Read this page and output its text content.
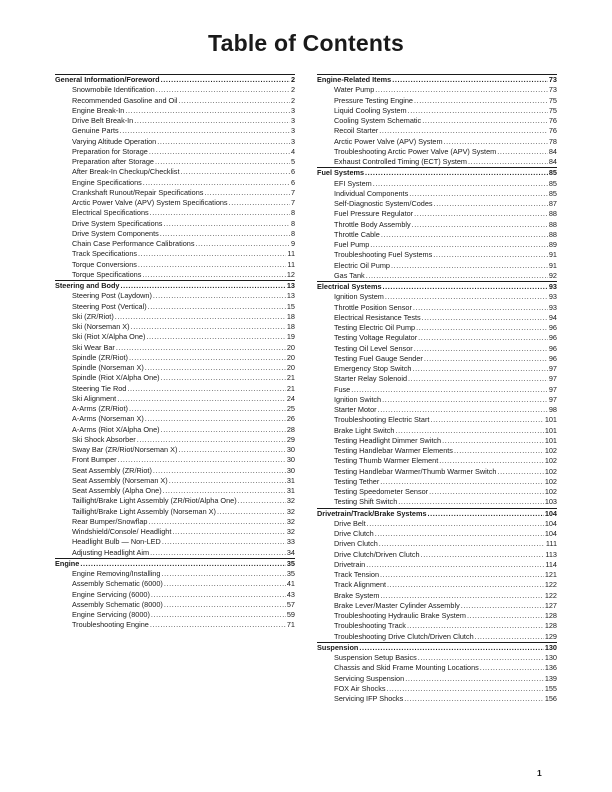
Table of Contents
General Information/Foreword .....	2
Snowmobile Identification .....	2
Recommended Gasoline and Oil .....	2
Engine Break-In .....	3
Drive Belt Break-In .....	3
Genuine Parts .....	3
Varying Altitude Operation .....	3
Preparation for Storage .....	4
Preparation after Storage .....	5
After Break-In Checkup/Checklist .....	6
Engine Specifications .....	6
Crankshaft Runout/Repair Specifications .....	7
Arctic Power Valve (APV) System Specifications .....	7
Electrical Specifications .....	8
Drive System Specifications .....	8
Drive System Components .....	8
Chain Case Performance Calibrations .....	9
Track Specifications .....	11
Torque Conversions .....	11
Torque Specifications .....	12
Steering and Body .....	13
Steering Post (Laydown) .....	13
Steering Post (Vertical) .....	15
Ski (ZR/Riot) .....	18
Ski (Norseman X) .....	18
Ski (Riot X/Alpha One) .....	19
Ski Wear Bar .....	20
Spindle (ZR/Riot) .....	20
Spindle (Norseman X) .....	20
Spindle (Riot X/Alpha One) .....	21
Steering Tie Rod .....	21
Ski Alignment .....	24
A-Arms (ZR/Riot) .....	25
A-Arms (Norseman X) .....	26
A-Arms (Riot X/Alpha One) .....	28
Ski Shock Absorber .....	29
Sway Bar (ZR/Riot/Norseman X) .....	30
Front Bumper .....	30
Seat Assembly (ZR/Riot) .....	30
Seat Assembly (Norseman X) .....	31
Seat Assembly (Alpha One) .....	31
Taillight/Brake Light Assembly (ZR/Riot/Alpha One) .....	32
Taillight/Brake Light Assembly (Norseman X) .....	32
Rear Bumper/Snowflap .....	32
Windshield/Console/ Headlight .....	32
Headlight Bulb — Non-LED .....	33
Adjusting Headlight Aim .....	34
Engine .....	35
Engine Removing/Installing .....	35
Assembly Schematic (6000) .....	41
Engine Servicing (6000) .....	43
Assembly Schematic (8000) .....	57
Engine Servicing (8000) .....	59
Troubleshooting Engine .....	71
Engine-Related Items .....	73
Water Pump .....	73
Pressure Testing Engine .....	75
Liquid Cooling System .....	75
Cooling System Schematic .....	76
Recoil Starter .....	76
Arctic Power Valve (APV) System .....	78
Troubleshooting Arctic Power Valve (APV) System .....	84
Exhaust Controlled Timing (ECT) System .....	84
Fuel Systems .....	85
EFI System .....	85
Individual Components .....	85
Self-Diagnostic System/Codes .....	87
Fuel Pressure Regulator .....	88
Throttle Body Assembly .....	88
Throttle Cable .....	88
Fuel Pump .....	89
Troubleshooting Fuel Systems .....	91
Electric Oil Pump .....	91
Gas Tank .....	92
Electrical Systems .....	93
Ignition System .....	93
Throttle Position Sensor .....	93
Electrical Resistance Tests .....	94
Testing Electric Oil Pump .....	96
Testing Voltage Regulator .....	96
Testing Oil Level Sensor .....	96
Testing Fuel Gauge Sender .....	96
Emergency Stop Switch .....	97
Starter Relay Solenoid .....	97
Fuse .....	97
Ignition Switch .....	97
Starter Motor .....	98
Troubleshooting Electric Start .....	101
Brake Light Switch .....	101
Testing Headlight Dimmer Switch .....	101
Testing Handlebar Warmer Elements .....	102
Testing Thumb Warmer Element .....	102
Testing Handlebar Warmer/Thumb Warmer Switch .....	102
Testing Tether .....	102
Testing Speedometer Sensor .....	102
Testing Shift Switch .....	103
Drivetrain/Track/Brake Systems .....	104
Drive Belt .....	104
Drive Clutch .....	104
Driven Clutch .....	111
Drive Clutch/Driven Clutch .....	113
Drivetrain .....	114
Track Tension .....	121
Track Alignment .....	122
Brake System .....	122
Brake Lever/Master Cylinder Assembly .....	127
Troubleshooting Hydraulic Brake System .....	128
Troubleshooting Track .....	128
Troubleshooting Drive Clutch/Driven Clutch .....	129
Suspension .....	130
Suspension Setup Basics .....	130
Chassis and Skid Frame Mounting Locations .....	136
Servicing Suspension .....	139
FOX Air Shocks .....	155
Servicing IFP Shocks .....	156
1
